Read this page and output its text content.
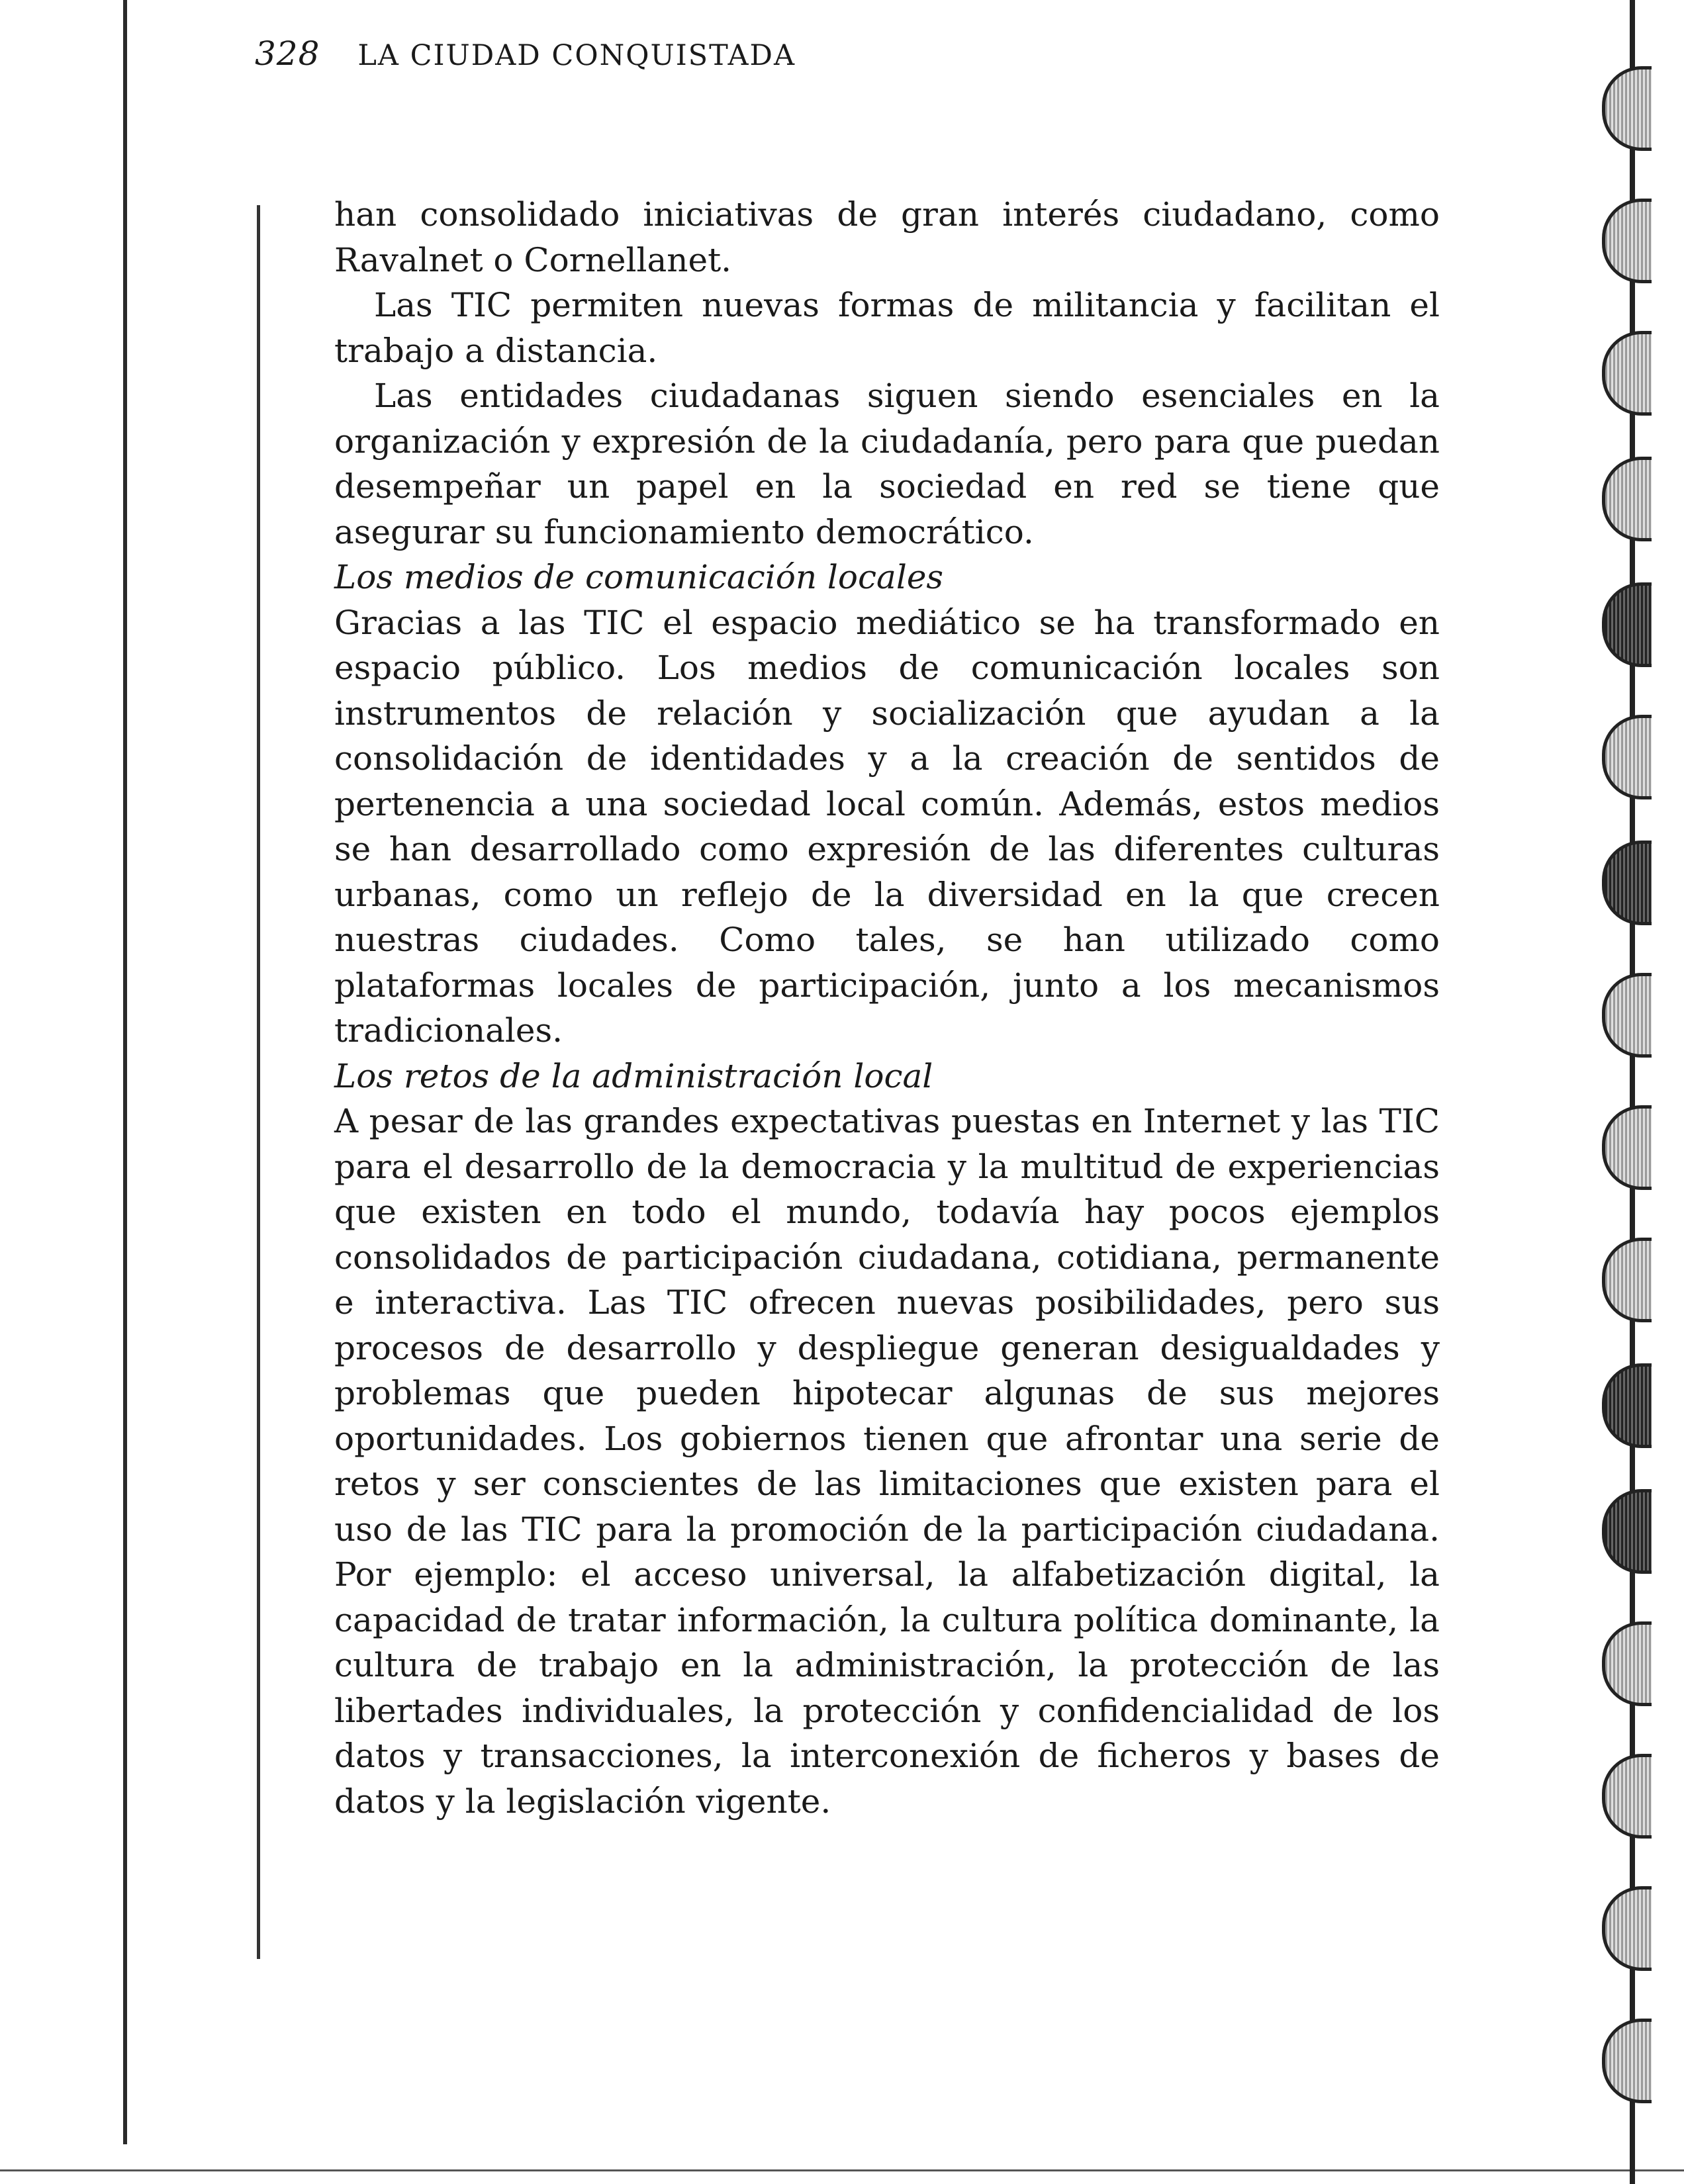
328 LA CIUDAD CONQUISTADA

han consolidado iniciativas de gran interés ciudadano, como Ravalnet o Cornellanet.

Las TIC permiten nuevas formas de militancia y facilitan el trabajo a distancia.

Las entidades ciudadanas siguen siendo esenciales en la organización y expresión de la ciudadanía, pero para que puedan desempeñar un papel en la sociedad en red se tiene que asegurar su funcionamiento democrático.

Los medios de comunicación locales

Gracias a las TIC el espacio mediático se ha transformado en espacio público. Los medios de comunicación locales son instrumentos de relación y socialización que ayudan a la consolidación de identidades y a la creación de sentidos de pertenencia a una sociedad local común. Además, estos medios se han desarrollado como expresión de las diferentes culturas urbanas, como un reflejo de la diversidad en la que crecen nuestras ciudades. Como tales, se han utilizado como plataformas locales de participación, junto a los mecanismos tradicionales.

Los retos de la administración local

A pesar de las grandes expectativas puestas en Internet y las TIC para el desarrollo de la democracia y la multitud de experiencias que existen en todo el mundo, todavía hay pocos ejemplos consolidados de participación ciudadana, cotidiana, permanente e interactiva. Las TIC ofrecen nuevas posibilidades, pero sus procesos de desarrollo y despliegue generan desigualdades y problemas que pueden hipotecar algunas de sus mejores oportunidades. Los gobiernos tienen que afrontar una serie de retos y ser conscientes de las limitaciones que existen para el uso de las TIC para la promoción de la participación ciudadana. Por ejemplo: el acceso universal, la alfabetización digital, la capacidad de tratar información, la cultura política dominante, la cultura de trabajo en la administración, la protección de las libertades individuales, la protección y confidencialidad de los datos y transacciones, la interconexión de ficheros y bases de datos y la legislación vigente.
